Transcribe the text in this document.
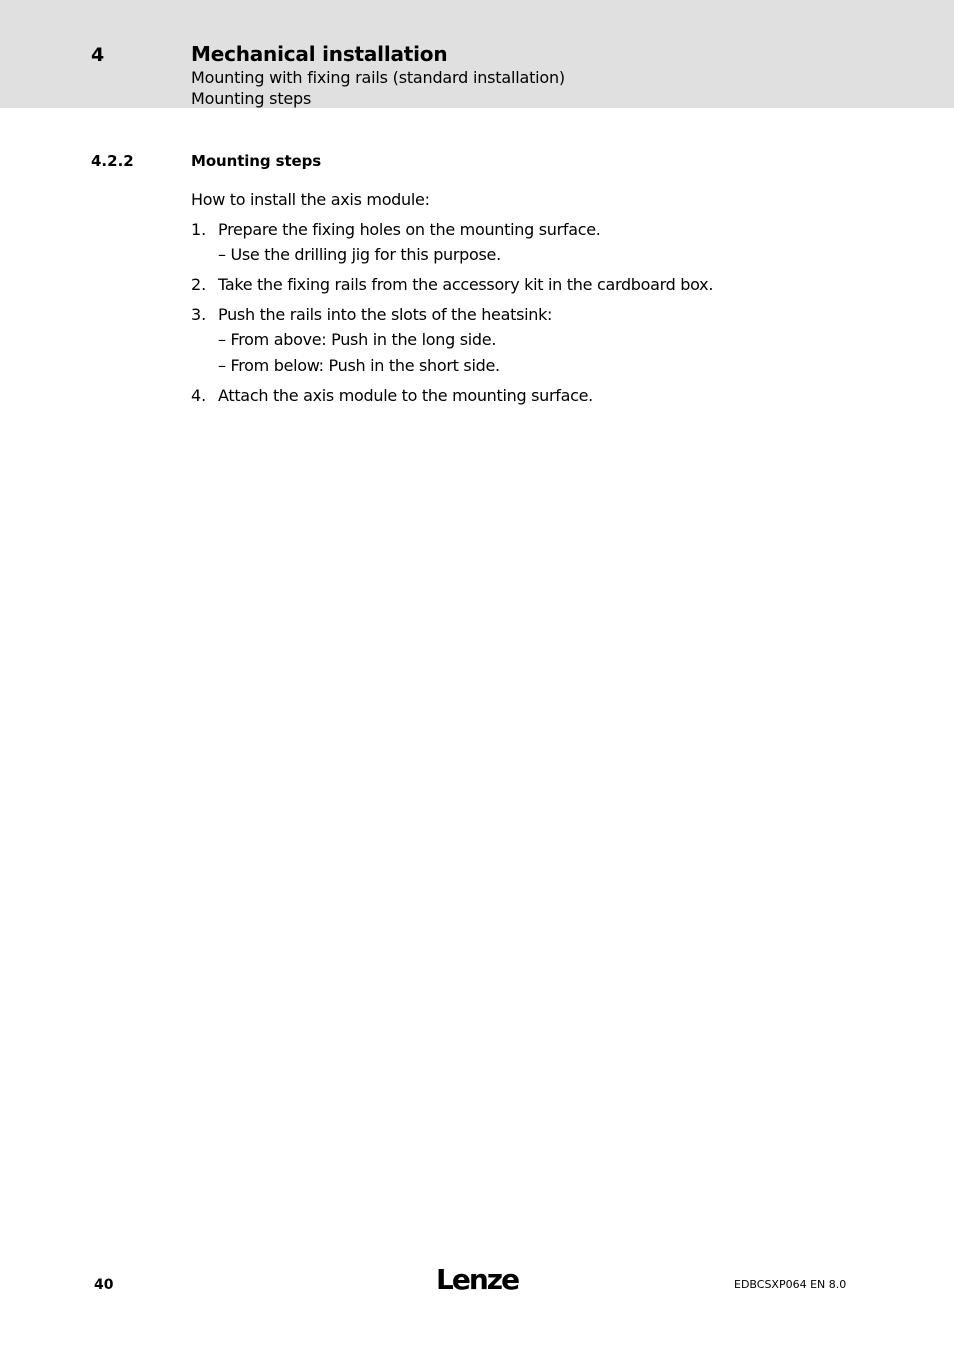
4	Mechanical installation
Mounting with fixing rails (standard installation)
Mounting steps
4.2.2	Mounting steps
How to install the axis module:
1. Prepare the fixing holes on the mounting surface.
– Use the drilling jig for this purpose.
2. Take the fixing rails from the accessory kit in the cardboard box.
3. Push the rails into the slots of the heatsink:
– From above: Push in the long side.
– From below: Push in the short side.
4. Attach the axis module to the mounting surface.
40	Lenze	EDBCSXP064 EN 8.0
